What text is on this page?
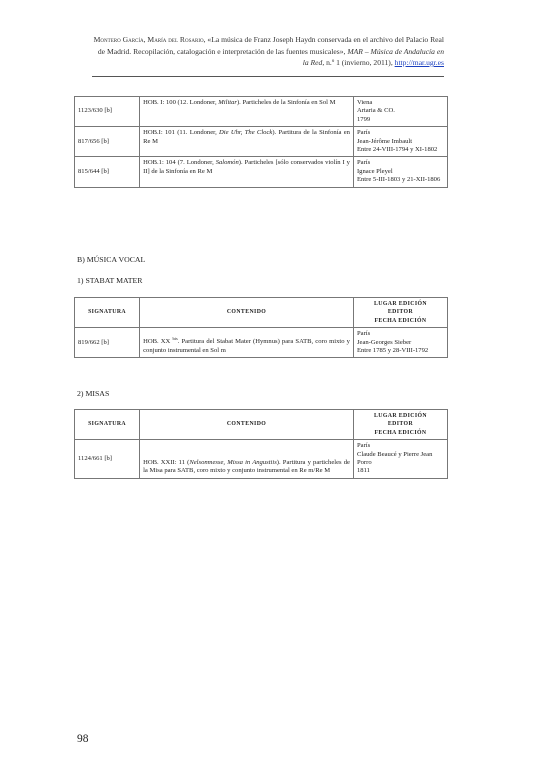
Montero García, María del Rosario, «La música de Franz Joseph Haydn conservada en el archivo del Palacio Real de Madrid. Recopilación, catalogación e interpretación de las fuentes musicales», MAR – Música de Andalucía en la Red, n.º 1 (invierno, 2011), http://mar.ugr.es
1123/630 [b]	HOB. I: 100 (12. Londoner, Militar). Particheles de la Sinfonía en Sol M	Viena
Artaria & CO.
1799

817/656 [b]	HOB.I: 101 (11. Londoner, Die Uhr, The Clock). Partitura de la Sinfonía en Re M	París
Jean-Jérôme Imbault
Entre 24-VIII-1794 y XI-1802

815/644 [b]	HOB.1: 104 (7. Londoner, Salomón). Particheles [sólo conservados violín I y II] de la Sinfonía en Re M	París
Ignace Pleyel
Entre 5-III-1803 y 21-XII-1806
B) MÚSICA VOCAL
1) STABAT MATER
SIGNATURA	CONTENIDO	LUGAR EDICIÓN
EDITOR
FECHA EDICIÓN

819/662 [b]	HOB. XX $^{bis}$. Partitura del Stabat Mater (Hymnus) para SATB, coro mixto y conjunto instrumental en Sol m	París
Jean-Georges Sieber
Entre 1785 y 28-VIII-1792
2) MISAS
SIGNATURA	CONTENIDO	LUGAR EDICIÓN
EDITOR
FECHA EDICIÓN

1124/661 [b]	HOB. XXII: 11 (Nelsonmesse, Missa in Angustiis). Partitura y particheles de la Misa para SATB, coro mixto y conjunto instrumental en Re m/Re M	París
Claude Beaucé y Pierre Jean Porro
1811
98
